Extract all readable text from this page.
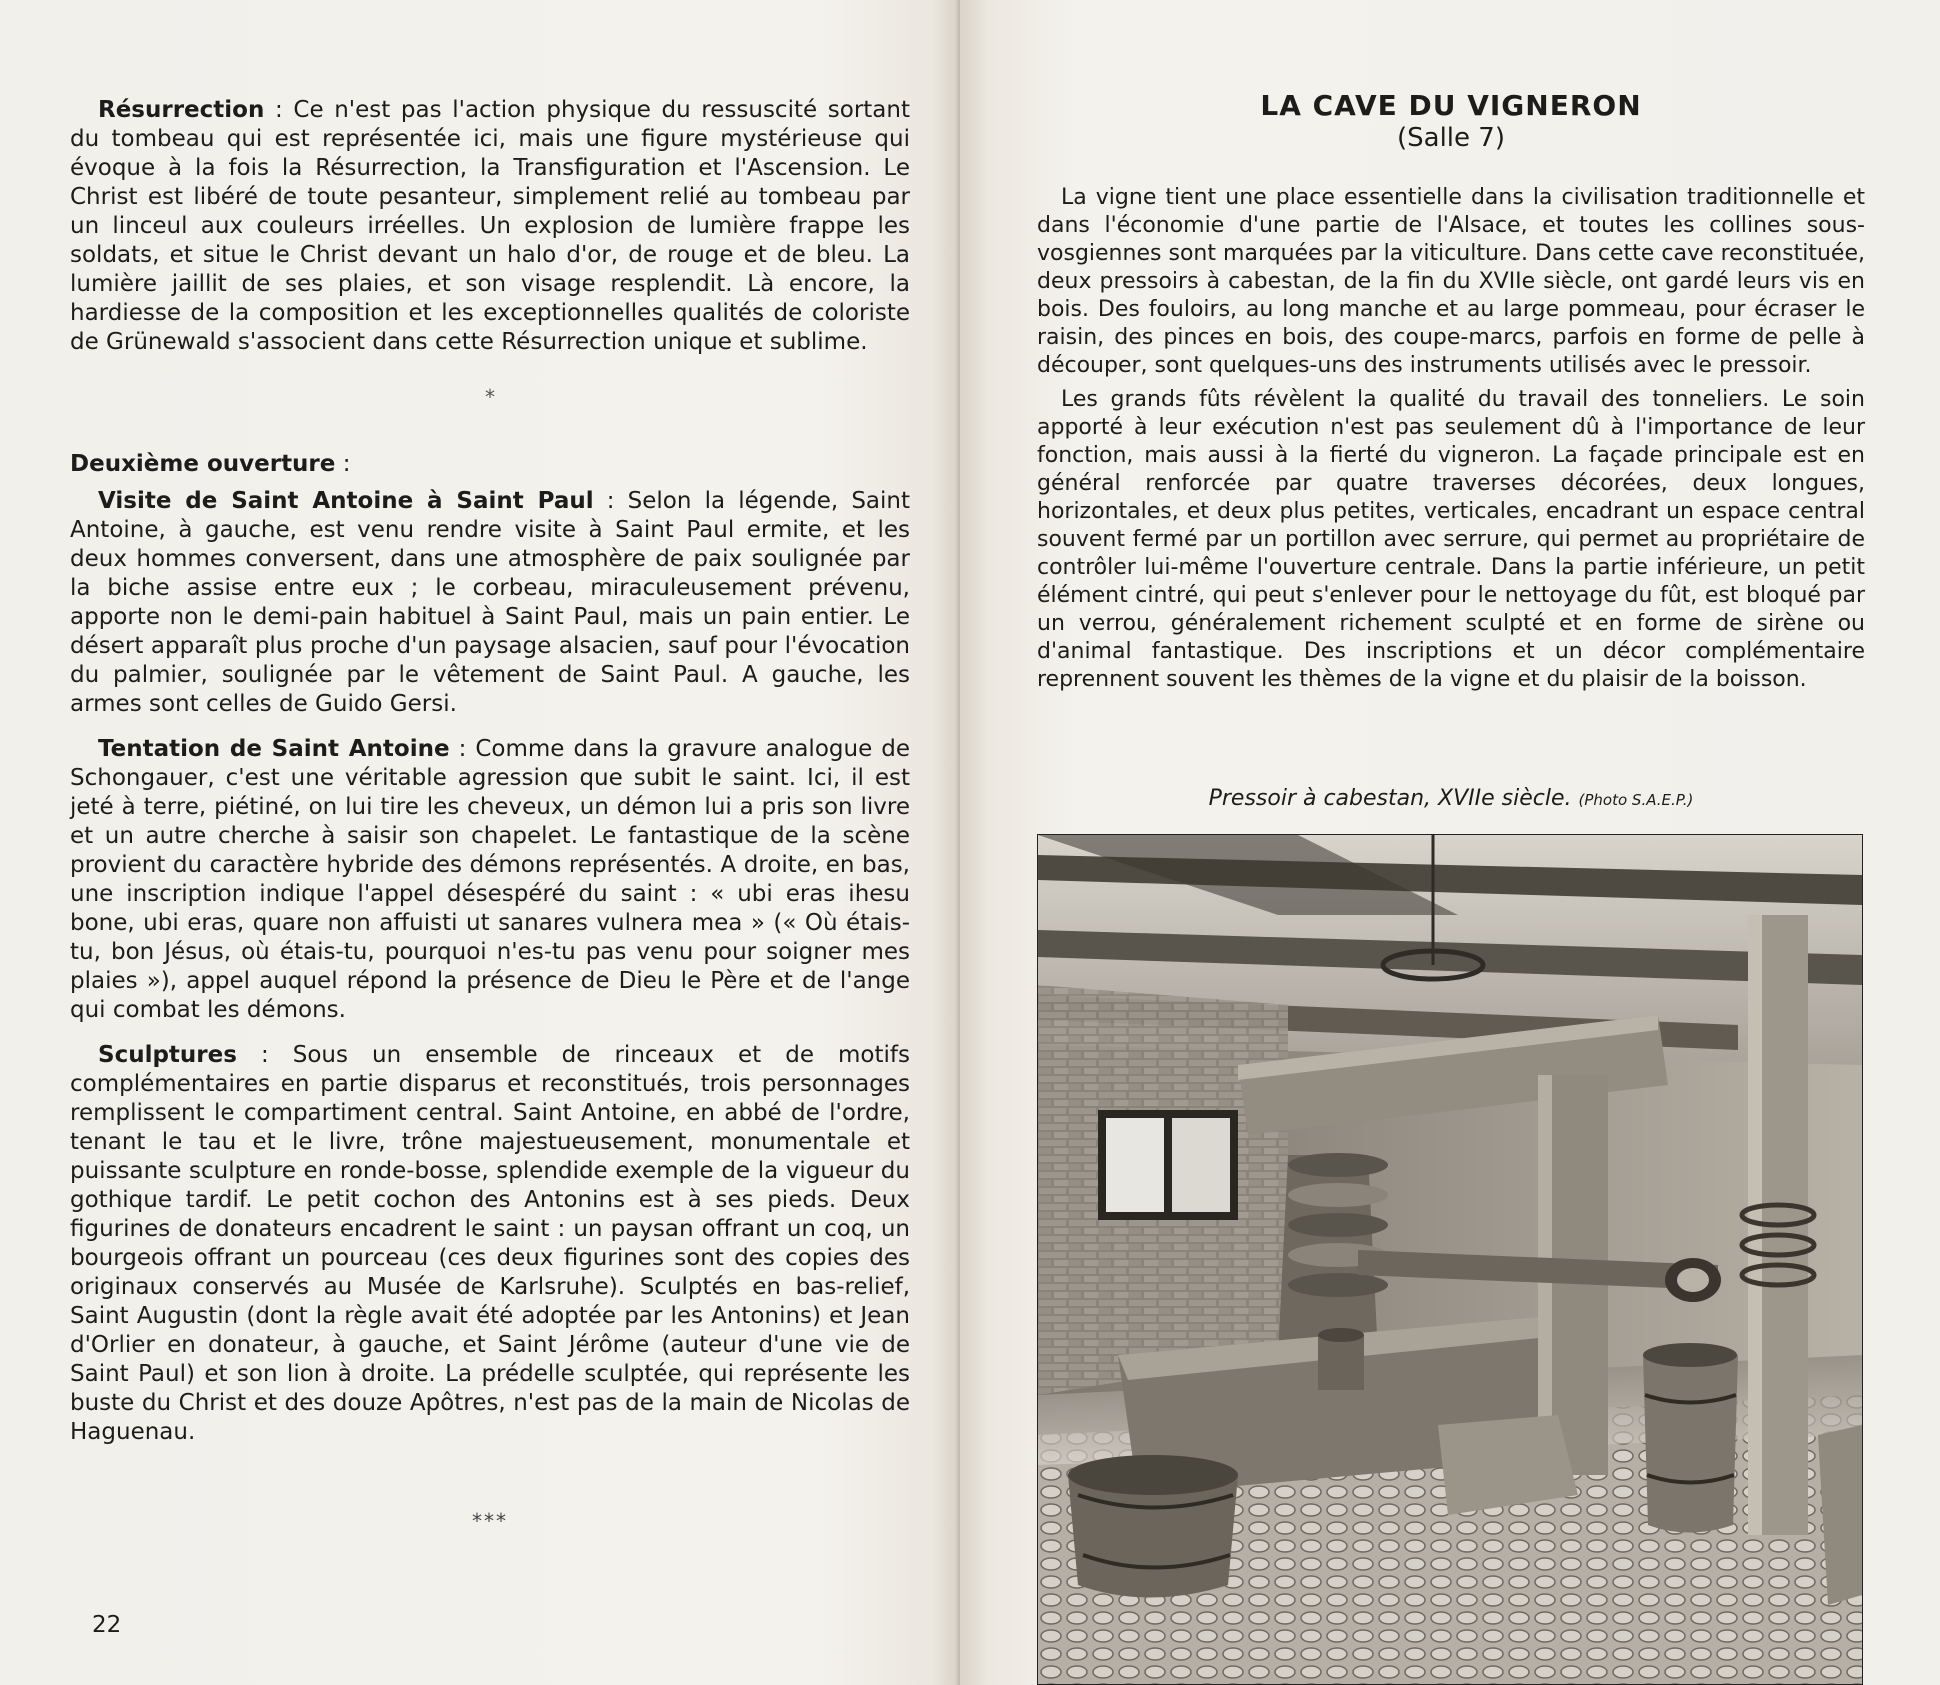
Résurrection : Ce n'est pas l'action physique du ressuscité sortant du tombeau qui est représentée ici, mais une figure mystérieuse qui évoque à la fois la Résurrection, la Transfiguration et l'Ascension. Le Christ est libéré de toute pesanteur, simplement relié au tombeau par un linceul aux couleurs irréelles. Un explosion de lumière frappe les soldats, et situe le Christ devant un halo d'or, de rouge et de bleu. La lumière jaillit de ses plaies, et son visage resplendit. Là encore, la hardiesse de la composition et les exceptionnelles qualités de coloriste de Grünewald s'associent dans cette Résurrection unique et sublime.

*
Deuxième ouverture :

Visite de Saint Antoine à Saint Paul : Selon la légende, Saint Antoine, à gauche, est venu rendre visite à Saint Paul ermite, et les deux hommes conversent, dans une atmosphère de paix soulignée par la biche assise entre eux ; le corbeau, miraculeusement prévenu, apporte non le demi-pain habituel à Saint Paul, mais un pain entier. Le désert apparaît plus proche d'un paysage alsacien, sauf pour l'évocation du palmier, soulignée par le vêtement de Saint Paul. A gauche, les armes sont celles de Guido Gersi.

Tentation de Saint Antoine : Comme dans la gravure analogue de Schongauer, c'est une véritable agression que subit le saint. Ici, il est jeté à terre, piétiné, on lui tire les cheveux, un démon lui a pris son livre et un autre cherche à saisir son chapelet. Le fantastique de la scène provient du caractère hybride des démons représentés. A droite, en bas, une inscription indique l'appel désespéré du saint : « ubi eras ihesu bone, ubi eras, quare non affuisti ut sanares vulnera mea » (« Où étais-tu, bon Jésus, où étais-tu, pourquoi n'es-tu pas venu pour soigner mes plaies »), appel auquel répond la présence de Dieu le Père et de l'ange qui combat les démons.

Sculptures : Sous un ensemble de rinceaux et de motifs complémentaires en partie disparus et reconstitués, trois personnages remplissent le compartiment central. Saint Antoine, en abbé de l'ordre, tenant le tau et le livre, trône majestueusement, monumentale et puissante sculpture en ronde-bosse, splendide exemple de la vigueur du gothique tardif. Le petit cochon des Antonins est à ses pieds. Deux figurines de donateurs encadrent le saint : un paysan offrant un coq, un bourgeois offrant un pourceau (ces deux figurines sont des copies des originaux conservés au Musée de Karlsruhe). Sculptés en bas-relief, Saint Augustin (dont la règle avait été adoptée par les Antonins) et Jean d'Orlier en donateur, à gauche, et Saint Jérôme (auteur d'une vie de Saint Paul) et son lion à droite. La prédelle sculptée, qui représente les buste du Christ et des douze Apôtres, n'est pas de la main de Nicolas de Haguenau.

***
22
LA CAVE DU VIGNERON
(Salle 7)

La vigne tient une place essentielle dans la civilisation traditionnelle et dans l'économie d'une partie de l'Alsace, et toutes les collines sous-vosgiennes sont marquées par la viticulture. Dans cette cave reconstituée, deux pressoirs à cabestan, de la fin du XVIIe siècle, ont gardé leurs vis en bois. Des fouloirs, au long manche et au large pommeau, pour écraser le raisin, des pinces en bois, des coupe-marcs, parfois en forme de pelle à découper, sont quelques-uns des instruments utilisés avec le pressoir.

Les grands fûts révèlent la qualité du travail des tonneliers. Le soin apporté à leur exécution n'est pas seulement dû à l'importance de leur fonction, mais aussi à la fierté du vigneron. La façade principale est en général renforcée par quatre traverses décorées, deux longues, horizontales, et deux plus petites, verticales, encadrant un espace central souvent fermé par un portillon avec serrure, qui permet au propriétaire de contrôler lui-même l'ouverture centrale. Dans la partie inférieure, un petit élément cintré, qui peut s'enlever pour le nettoyage du fût, est bloqué par un verrou, généralement richement sculpté et en forme de sirène ou d'animal fantastique. Des inscriptions et un décor complémentaire reprennent souvent les thèmes de la vigne et du plaisir de la boisson.

Pressoir à cabestan, XVIIe siècle. (Photo S.A.E.P.)
